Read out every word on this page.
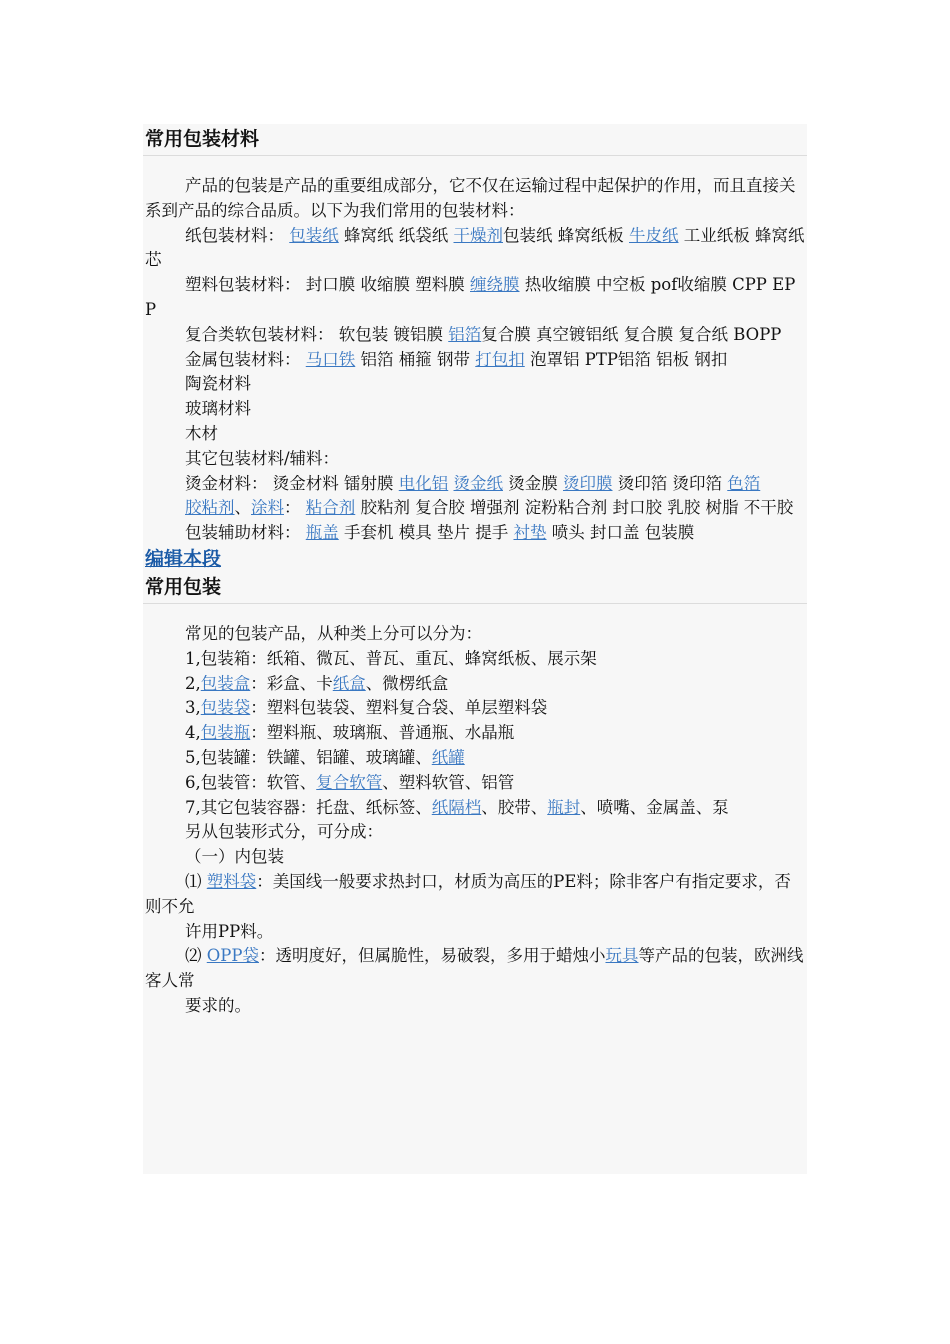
常用包装材料
产品的包装是产品的重要组成部分，它不仅在运输过程中起保护的作用，而且直接关系到产品的综合品质。以下为我们常用的包装材料：
纸包装材料： 包装纸 蜂窝纸 纸袋纸 干燥剂包装纸 蜂窝纸板 牛皮纸 工业纸板 蜂窝纸芯
塑料包装材料： 封口膜 收缩膜 塑料膜 缠绕膜 热收缩膜 中空板 pof收缩膜 CPP EPP
复合类软包装材料： 软包装 镀铝膜 铝箔复合膜 真空镀铝纸 复合膜 复合纸 BOPP
金属包装材料： 马口铁 铝箔 桶箍 钢带 打包扣 泡罩铝 PTP铝箔 铝板 钢扣
陶瓷材料
玻璃材料
木材
其它包装材料/辅料：
烫金材料： 烫金材料 镭射膜 电化铝 烫金纸 烫金膜 烫印膜 烫印箔 烫印箔 色箔
胶粘剂、涂料： 粘合剂 胶粘剂 复合胶 增强剂 淀粉粘合剂 封口胶 乳胶 树脂 不干胶
包装辅助材料： 瓶盖 手套机 模具 垫片 提手 衬垫 喷头 封口盖 包装膜
编辑本段
常用包装
常见的包装产品，从种类上分可以分为：
1,包装箱：纸箱、微瓦、普瓦、重瓦、蜂窝纸板、展示架
2,包装盒：彩盒、卡纸盒、微楞纸盒
3,包装袋：塑料包装袋、塑料复合袋、单层塑料袋
4,包装瓶：塑料瓶、玻璃瓶、普通瓶、水晶瓶
5,包装罐：铁罐、铝罐、玻璃罐、纸罐
6,包装管：软管、复合软管、塑料软管、铝管
7,其它包装容器：托盘、纸标签、纸隔档、胶带、瓶封、喷嘴、金属盖、泵
另从包装形式分，可分成：
（一）内包装
⑴ 塑料袋：美国线一般要求热封口，材质为高压的PE料；除非客户有指定要求，否则不允
许用PP料。
⑵ OPP袋：透明度好，但属脆性，易破裂，多用于蜡烛小玩具等产品的包装，欧洲线客人常
要求的。
